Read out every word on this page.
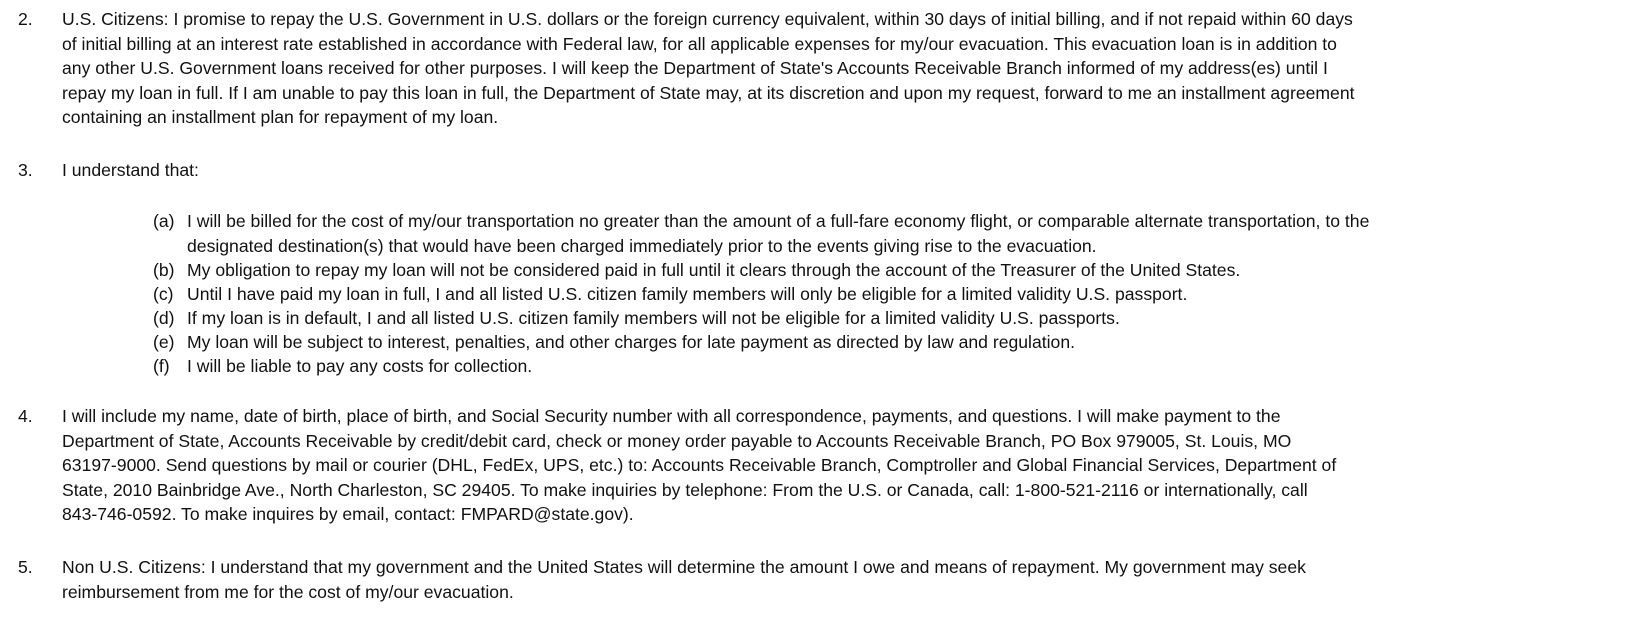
2. U.S. Citizens: I promise to repay the U.S. Government in U.S. dollars or the foreign currency equivalent, within 30 days of initial billing, and if not repaid within 60 days
of initial billing at an interest rate established in accordance with Federal law, for all applicable expenses for my/our evacuation. This evacuation loan is in addition to
any other U.S. Government loans received for other purposes. I will keep the Department of State's Accounts Receivable Branch informed of my address(es) until I
repay my loan in full. If I am unable to pay this loan in full, the Department of State may, at its discretion and upon my request, forward to me an installment agreement
containing an installment plan for repayment of my loan.
3. I understand that:
(a) I will be billed for the cost of my/our transportation no greater than the amount of a full-fare economy flight, or comparable alternate transportation, to the
designated destination(s) that would have been charged immediately prior to the events giving rise to the evacuation.
(b) My obligation to repay my loan will not be considered paid in full until it clears through the account of the Treasurer of the United States.
(c) Until I have paid my loan in full, I and all listed U.S. citizen family members will only be eligible for a limited validity U.S. passport.
(d) If my loan is in default, I and all listed U.S. citizen family members will not be eligible for a limited validity U.S. passports.
(e) My loan will be subject to interest, penalties, and other charges for late payment as directed by law and regulation.
(f) I will be liable to pay any costs for collection.
4. I will include my name, date of birth, place of birth, and Social Security number with all correspondence, payments, and questions. I will make payment to the
Department of State, Accounts Receivable by credit/debit card, check or money order payable to Accounts Receivable Branch, PO Box 979005, St. Louis, MO
63197-9000. Send questions by mail or courier (DHL, FedEx, UPS, etc.) to: Accounts Receivable Branch, Comptroller and Global Financial Services, Department of
State, 2010 Bainbridge Ave., North Charleston, SC 29405. To make inquiries by telephone: From the U.S. or Canada, call: 1-800-521-2116 or internationally, call
843-746-0592. To make inquires by email, contact: FMPARD@state.gov).
5. Non U.S. Citizens: I understand that my government and the United States will determine the amount I owe and means of repayment. My government may seek
reimbursement from me for the cost of my/our evacuation.
